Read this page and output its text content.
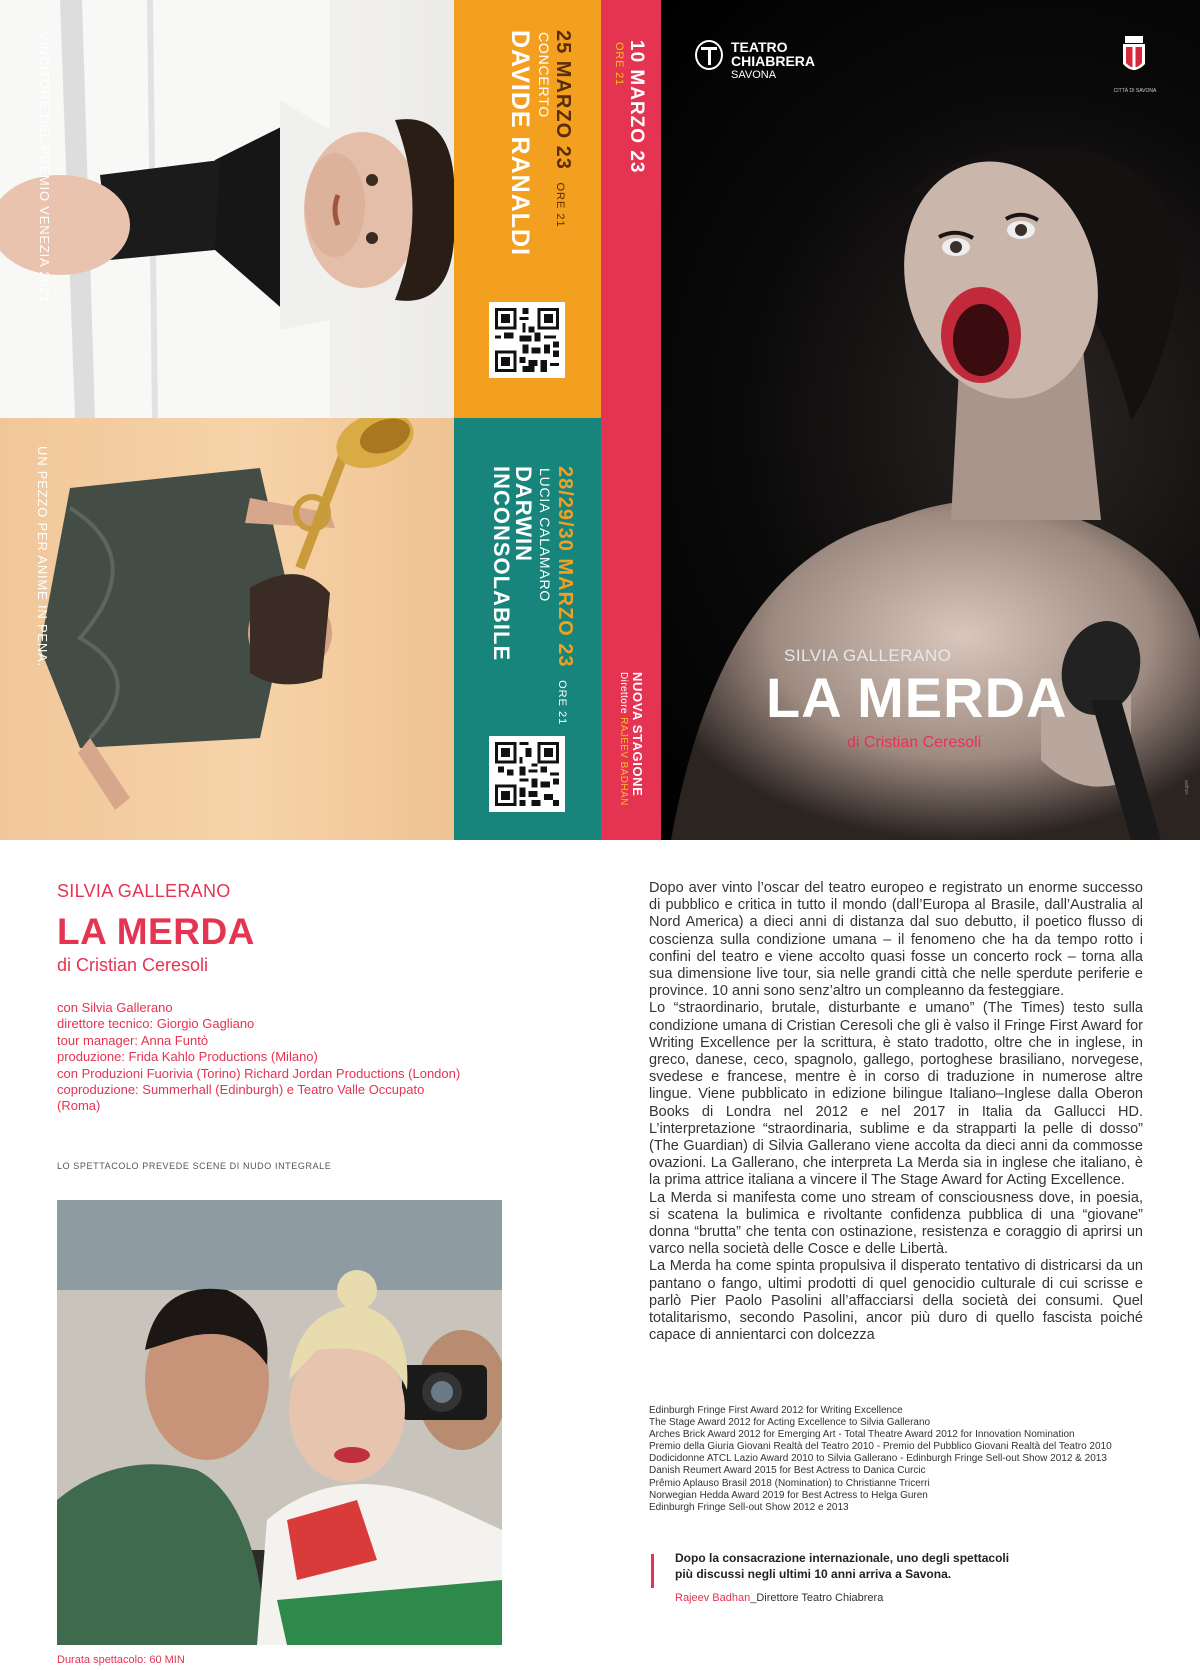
VINCITORE DEL PREMIO VENEZIA 2021
UN PEZZO PER ANIME IN PENA.
25 MARZO 23 ORE 21
CONCERTO
DAVIDE RANALDI
28/29/30 MARZO 23 ORE 21
LUCIA CALAMARO
DARWIN
INCONSOLABILE
10 MARZO 23
ORE 21
NUOVA STAGIONE
Direttore RAJEEV BADHAN
TEATRO
CHIABRERA
SAVONA
CITTÀ DI SAVONA
SILVIA GALLERANO
LA MERDA
di Cristian Ceresoli
author: ...
SILVIA GALLERANO
LA MERDA
di Cristian Ceresoli
con Silvia Gallerano
direttore tecnico: Giorgio Gagliano
tour manager: Anna Funtò
produzione: Frida Kahlo Productions (Milano)
con Produzioni Fuorivia (Torino) Richard Jordan Productions (London)
coproduzione: Summerhall (Edinburgh) e Teatro Valle Occupato
(Roma)
LO SPETTACOLO PREVEDE SCENE DI NUDO INTEGRALE
Durata spettacolo: 60 MIN
Dopo aver vinto l’oscar del teatro europeo e registrato un enorme successo di pubblico e critica in tutto il mondo (dall’Europa al Brasile, dall’Australia al Nord America) a dieci anni di distanza dal suo debutto, il poetico flusso di coscienza sulla condizione umana – il fenomeno che ha da tempo rotto i confini del teatro e viene accolto quasi fosse un concerto rock – torna alla sua dimensione live tour, sia nelle grandi città che nelle sperdute periferie e province. 10 anni sono senz’altro un compleanno da festeggiare.
Lo “straordinario, brutale, disturbante e umano” (The Times) testo sulla condizione umana di Cristian Ceresoli che gli è valso il Fringe First Award for Writing Excellence per la scrittura, è stato tradotto, oltre che in inglese, in greco, danese, ceco, spagnolo, gallego, portoghese brasiliano, norvegese, svedese e francese, mentre è in corso di traduzione in numerose altre lingue. Viene pubblicato in edizione bilingue Italiano–Inglese dalla Oberon Books di Londra nel 2012 e nel 2017 in Italia da Gallucci HD. L’interpretazione “straordinaria, sublime e da strapparti la pelle di dosso” (The Guardian) di Silvia Gallerano viene accolta da dieci anni da commosse ovazioni. La Gallerano, che interpreta La Merda sia in inglese che italiano, è la prima attrice italiana a vincere il The Stage Award for Acting Excellence.
La Merda si manifesta come uno stream of consciousness dove, in poesia, si scatena la bulimica e rivoltante confidenza pubblica di una “giovane” donna “brutta” che tenta con ostinazione, resistenza e coraggio di aprirsi un varco nella società delle Cosce e delle Libertà.
La Merda ha come spinta propulsiva il disperato tentativo di districarsi da un pantano o fango, ultimi prodotti di quel genocidio culturale di cui scrisse e parlò Pier Paolo Pasolini all’affacciarsi della società dei consumi. Quel totalitarismo, secondo Pasolini, ancor più duro di quello fascista poiché capace di annientarci con dolcezza
Edinburgh Fringe First Award 2012 for Writing Excellence
The Stage Award 2012 for Acting Excellence to Silvia Gallerano
Arches Brick Award 2012 for Emerging Art - Total Theatre Award 2012 for Innovation Nomination
Premio della Giuria Giovani Realtà del Teatro 2010 - Premio del Pubblico Giovani Realtà del Teatro 2010
Dodicidonne ATCL Lazio Award 2010 to Silvia Gallerano - Edinburgh Fringe Sell-out Show 2012 & 2013
Danish Reumert Award 2015 for Best Actress to Danica Curcic
Prêmio Aplauso Brasil 2018 (Nomination) to Christianne Tricerri
Norwegian Hedda Award 2019 for Best Actress to Helga Guren
Edinburgh Fringe Sell-out Show 2012 e 2013
Dopo la consacrazione internazionale, uno degli spettacoli
più discussi negli ultimi 10 anni arriva a Savona.
Rajeev Badhan_Direttore Teatro Chiabrera
